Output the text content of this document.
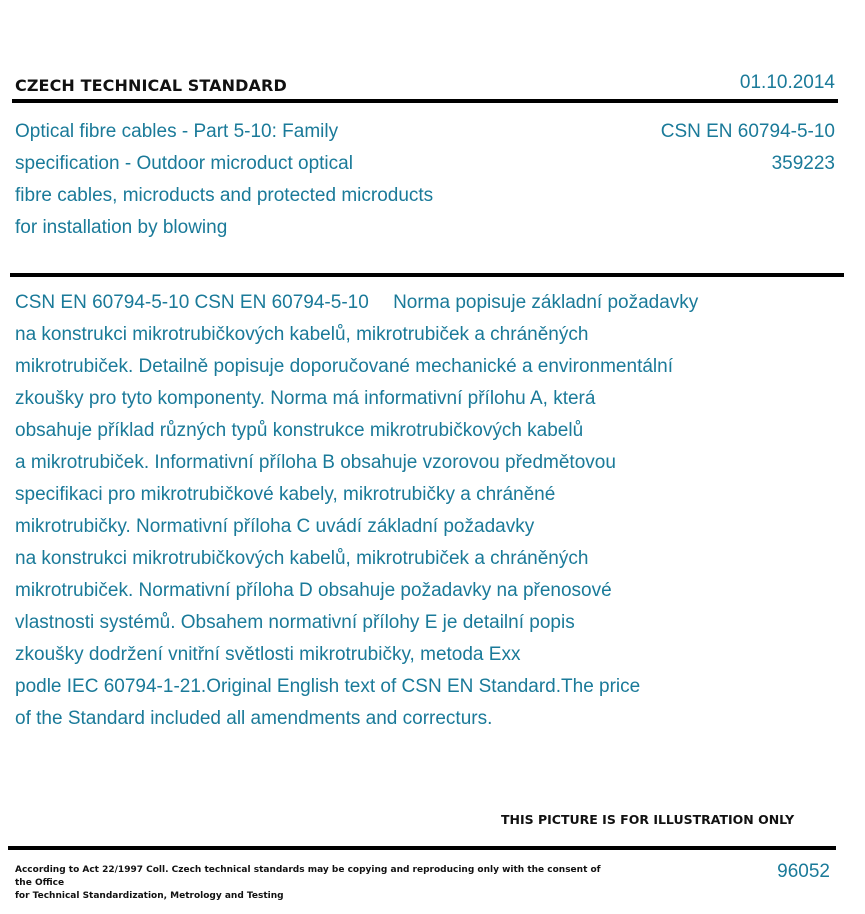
CZECH TECHNICAL STANDARD	01.10.2014
Optical fibre cables - Part 5-10: Family
specification - Outdoor microduct optical
fibre cables, microducts and protected microducts
for installation by blowing
CSN EN 60794-5-10
359223
CSN EN 60794-5-10 CSN EN 60794-5-10  Norma popisuje základní požadavky
na konstrukci mikrotrubičkových kabelů, mikrotrubiček a chráněných
mikrotrubiček. Detailně popisuje doporučované mechanické a environmentální
zkoušky pro tyto komponenty. Norma má informativní přílohu A, která
obsahuje příklad různých typů konstrukce mikrotrubičkových kabelů
a mikrotrubiček. Informativní příloha B obsahuje vzorovou předmětovou
specifikaci pro mikrotrubičkové kabely, mikrotrubičky a chráněné
mikrotrubičky. Normativní příloha C uvádí základní požadavky
na konstrukci mikrotrubičkových kabelů, mikrotrubiček a chráněných
mikrotrubiček. Normativní příloha D obsahuje požadavky na přenosové
vlastnosti systémů. Obsahem normativní přílohy E je detailní popis
zkoušky dodržení vnitřní světlosti mikrotrubičky, metoda Exx
podle IEC 60794-1-21.Original English text of CSN EN Standard.The price
of the Standard included all amendments and correcturs.
THIS PICTURE IS FOR ILLUSTRATION ONLY
According to Act 22/1997 Coll. Czech technical standards may be copying and reproducing only with the consent of the Office
for Technical Standardization, Metrology and Testing
96052
